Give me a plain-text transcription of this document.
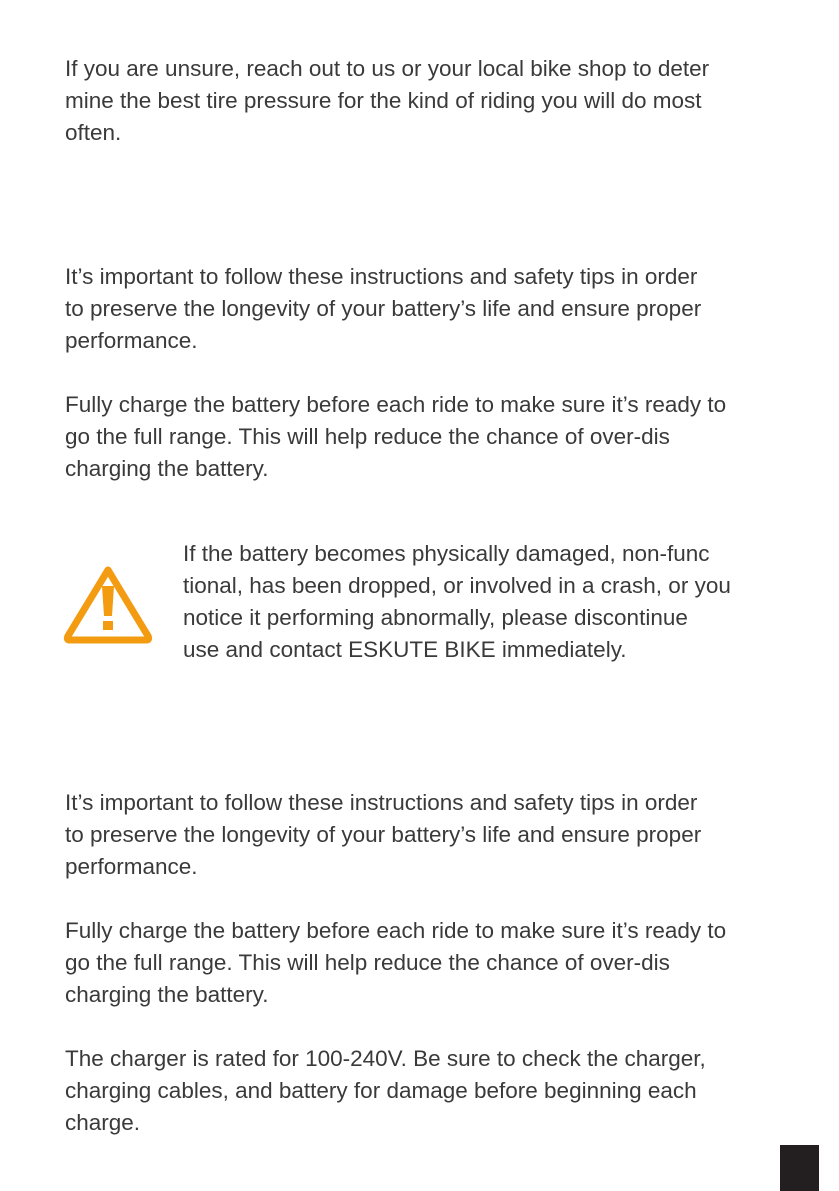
If you are unsure, reach out to us or your local bike shop to deter
mine the best tire pressure for the kind of riding you will do most
often.

It’s important to follow these instructions and safety tips in order
to preserve the longevity of your battery’s life and ensure proper
performance.

Fully charge the battery before each ride to make sure it’s ready to
go the full range. This will help reduce the chance of over-dis
charging the battery.

If the battery becomes physically damaged, non-func
tional, has been dropped, or involved in a crash, or you
notice it performing abnormally, please discontinue
use and contact ESKUTE BIKE immediately.

It’s important to follow these instructions and safety tips in order
to preserve the longevity of your battery’s life and ensure proper
performance.

Fully charge the battery before each ride to make sure it’s ready to
go the full range. This will help reduce the chance of over-dis
charging the battery.

The charger is rated for 100-240V. Be sure to check the charger,
charging cables, and battery for damage before beginning each
charge.
